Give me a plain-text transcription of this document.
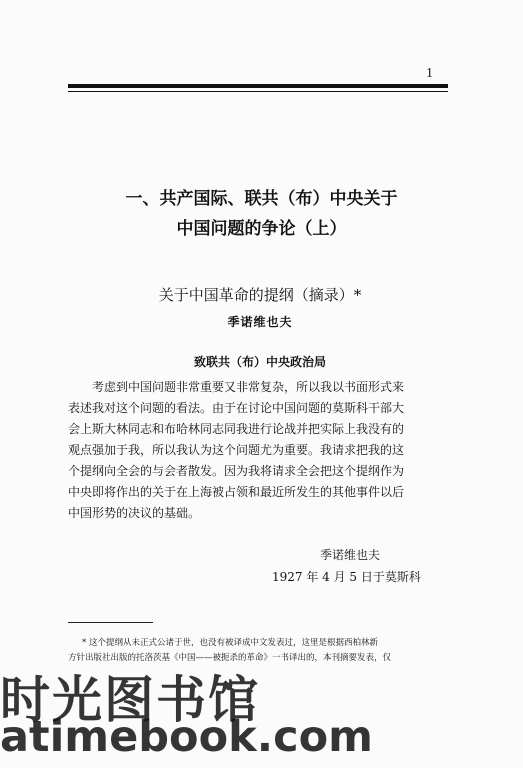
1
一、共产国际、联共（布）中央关于
中国问题的争论（上）
关于中国革命的提纲（摘录）*
季诺维也夫
致联共（布）中央政治局
考虑到中国问题非常重要又非常复杂，所以我以书面形式来
表述我对这个问题的看法。由于在讨论中国问题的莫斯科干部大
会上斯大林同志和布哈林同志同我进行论战并把实际上我没有的
观点强加于我，所以我认为这个问题尤为重要。我请求把我的这
个提纲向全会的与会者散发。因为我将请求全会把这个提纲作为
中央即将作出的关于在上海被占领和最近所发生的其他事件以后
中国形势的决议的基础。
季诺维也夫
1927 年 4 月 5 日于莫斯科
* 这个提纲从未正式公诸于世，也没有被译成中文发表过，这里是根据西柏林新
方针出版社出版的托洛茨基《中国——被扼杀的革命》一书译出的，本刊摘要发表，仅
时光图书馆
atimebook.com
